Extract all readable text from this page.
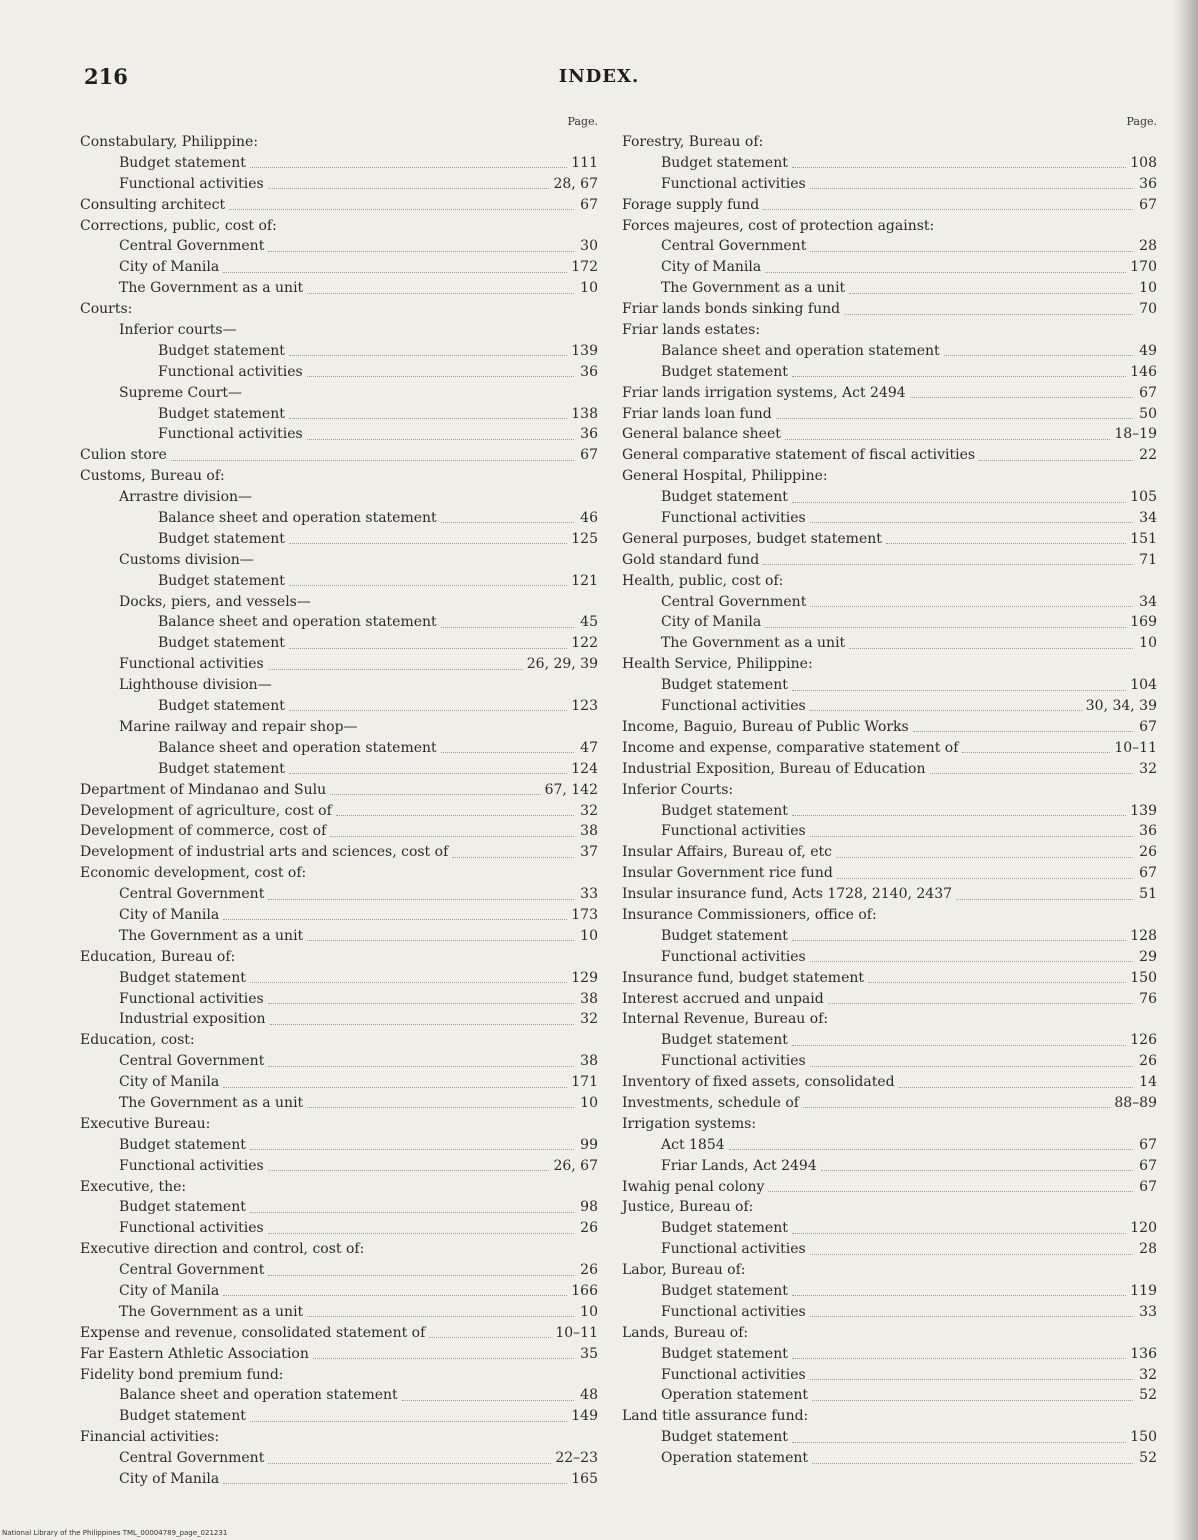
216	INDEX.
Page.
Constabulary, Philippine:
Budget statement	111
Functional activities	28, 67
Consulting architect	67
Corrections, public, cost of:
Central Government	30
City of Manila	172
The Government as a unit	10
Courts:
Inferior courts—
Budget statement	139
Functional activities	36
Supreme Court—
Budget statement	138
Functional activities	36
Culion store	67
Customs, Bureau of:
Arrastre division—
Balance sheet and operation statement	46
Budget statement	125
Customs division—
Budget statement	121
Docks, piers, and vessels—
Balance sheet and operation statement	45
Budget statement	122
Functional activities	26, 29, 39
Lighthouse division—
Budget statement	123
Marine railway and repair shop—
Balance sheet and operation statement	47
Budget statement	124
Department of Mindanao and Sulu	67, 142
Development of agriculture, cost of	32
Development of commerce, cost of	38
Development of industrial arts and sciences, cost of	37
Economic development, cost of:
Central Government	33
City of Manila	173
The Government as a unit	10
Education, Bureau of:
Budget statement	129
Functional activities	38
Industrial exposition	32
Education, cost:
Central Government	38
City of Manila	171
The Government as a unit	10
Executive Bureau:
Budget statement	99
Functional activities	26, 67
Executive, the:
Budget statement	98
Functional activities	26
Executive direction and control, cost of:
Central Government	26
City of Manila	166
The Government as a unit	10
Expense and revenue, consolidated statement of	10–11
Far Eastern Athletic Association	35
Fidelity bond premium fund:
Balance sheet and operation statement	48
Budget statement	149
Financial activities:
Central Government	22–23
City of Manila	165
Page.
Forestry, Bureau of:
Budget statement	108
Functional activities	36
Forage supply fund	67
Forces majeures, cost of protection against:
Central Government	28
City of Manila	170
The Government as a unit	10
Friar lands bonds sinking fund	70
Friar lands estates:
Balance sheet and operation statement	49
Budget statement	146
Friar lands irrigation systems, Act 2494	67
Friar lands loan fund	50
General balance sheet	18–19
General comparative statement of fiscal activities	22
General Hospital, Philippine:
Budget statement	105
Functional activities	34
General purposes, budget statement	151
Gold standard fund	71
Health, public, cost of:
Central Government	34
City of Manila	169
The Government as a unit	10
Health Service, Philippine:
Budget statement	104
Functional activities	30, 34, 39
Income, Baguio, Bureau of Public Works	67
Income and expense, comparative statement of	10–11
Industrial Exposition, Bureau of Education	32
Inferior Courts:
Budget statement	139
Functional activities	36
Insular Affairs, Bureau of, etc	26
Insular Government rice fund	67
Insular insurance fund, Acts 1728, 2140, 2437	51
Insurance Commissioners, office of:
Budget statement	128
Functional activities	29
Insurance fund, budget statement	150
Interest accrued and unpaid	76
Internal Revenue, Bureau of:
Budget statement	126
Functional activities	26
Inventory of fixed assets, consolidated	14
Investments, schedule of	88–89
Irrigation systems:
Act 1854	67
Friar Lands, Act 2494	67
Iwahig penal colony	67
Justice, Bureau of:
Budget statement	120
Functional activities	28
Labor, Bureau of:
Budget statement	119
Functional activities	33
Lands, Bureau of:
Budget statement	136
Functional activities	32
Operation statement	52
Land title assurance fund:
Budget statement	150
Operation statement	52
National Library of the Philippines TML_00004789_page_021231
